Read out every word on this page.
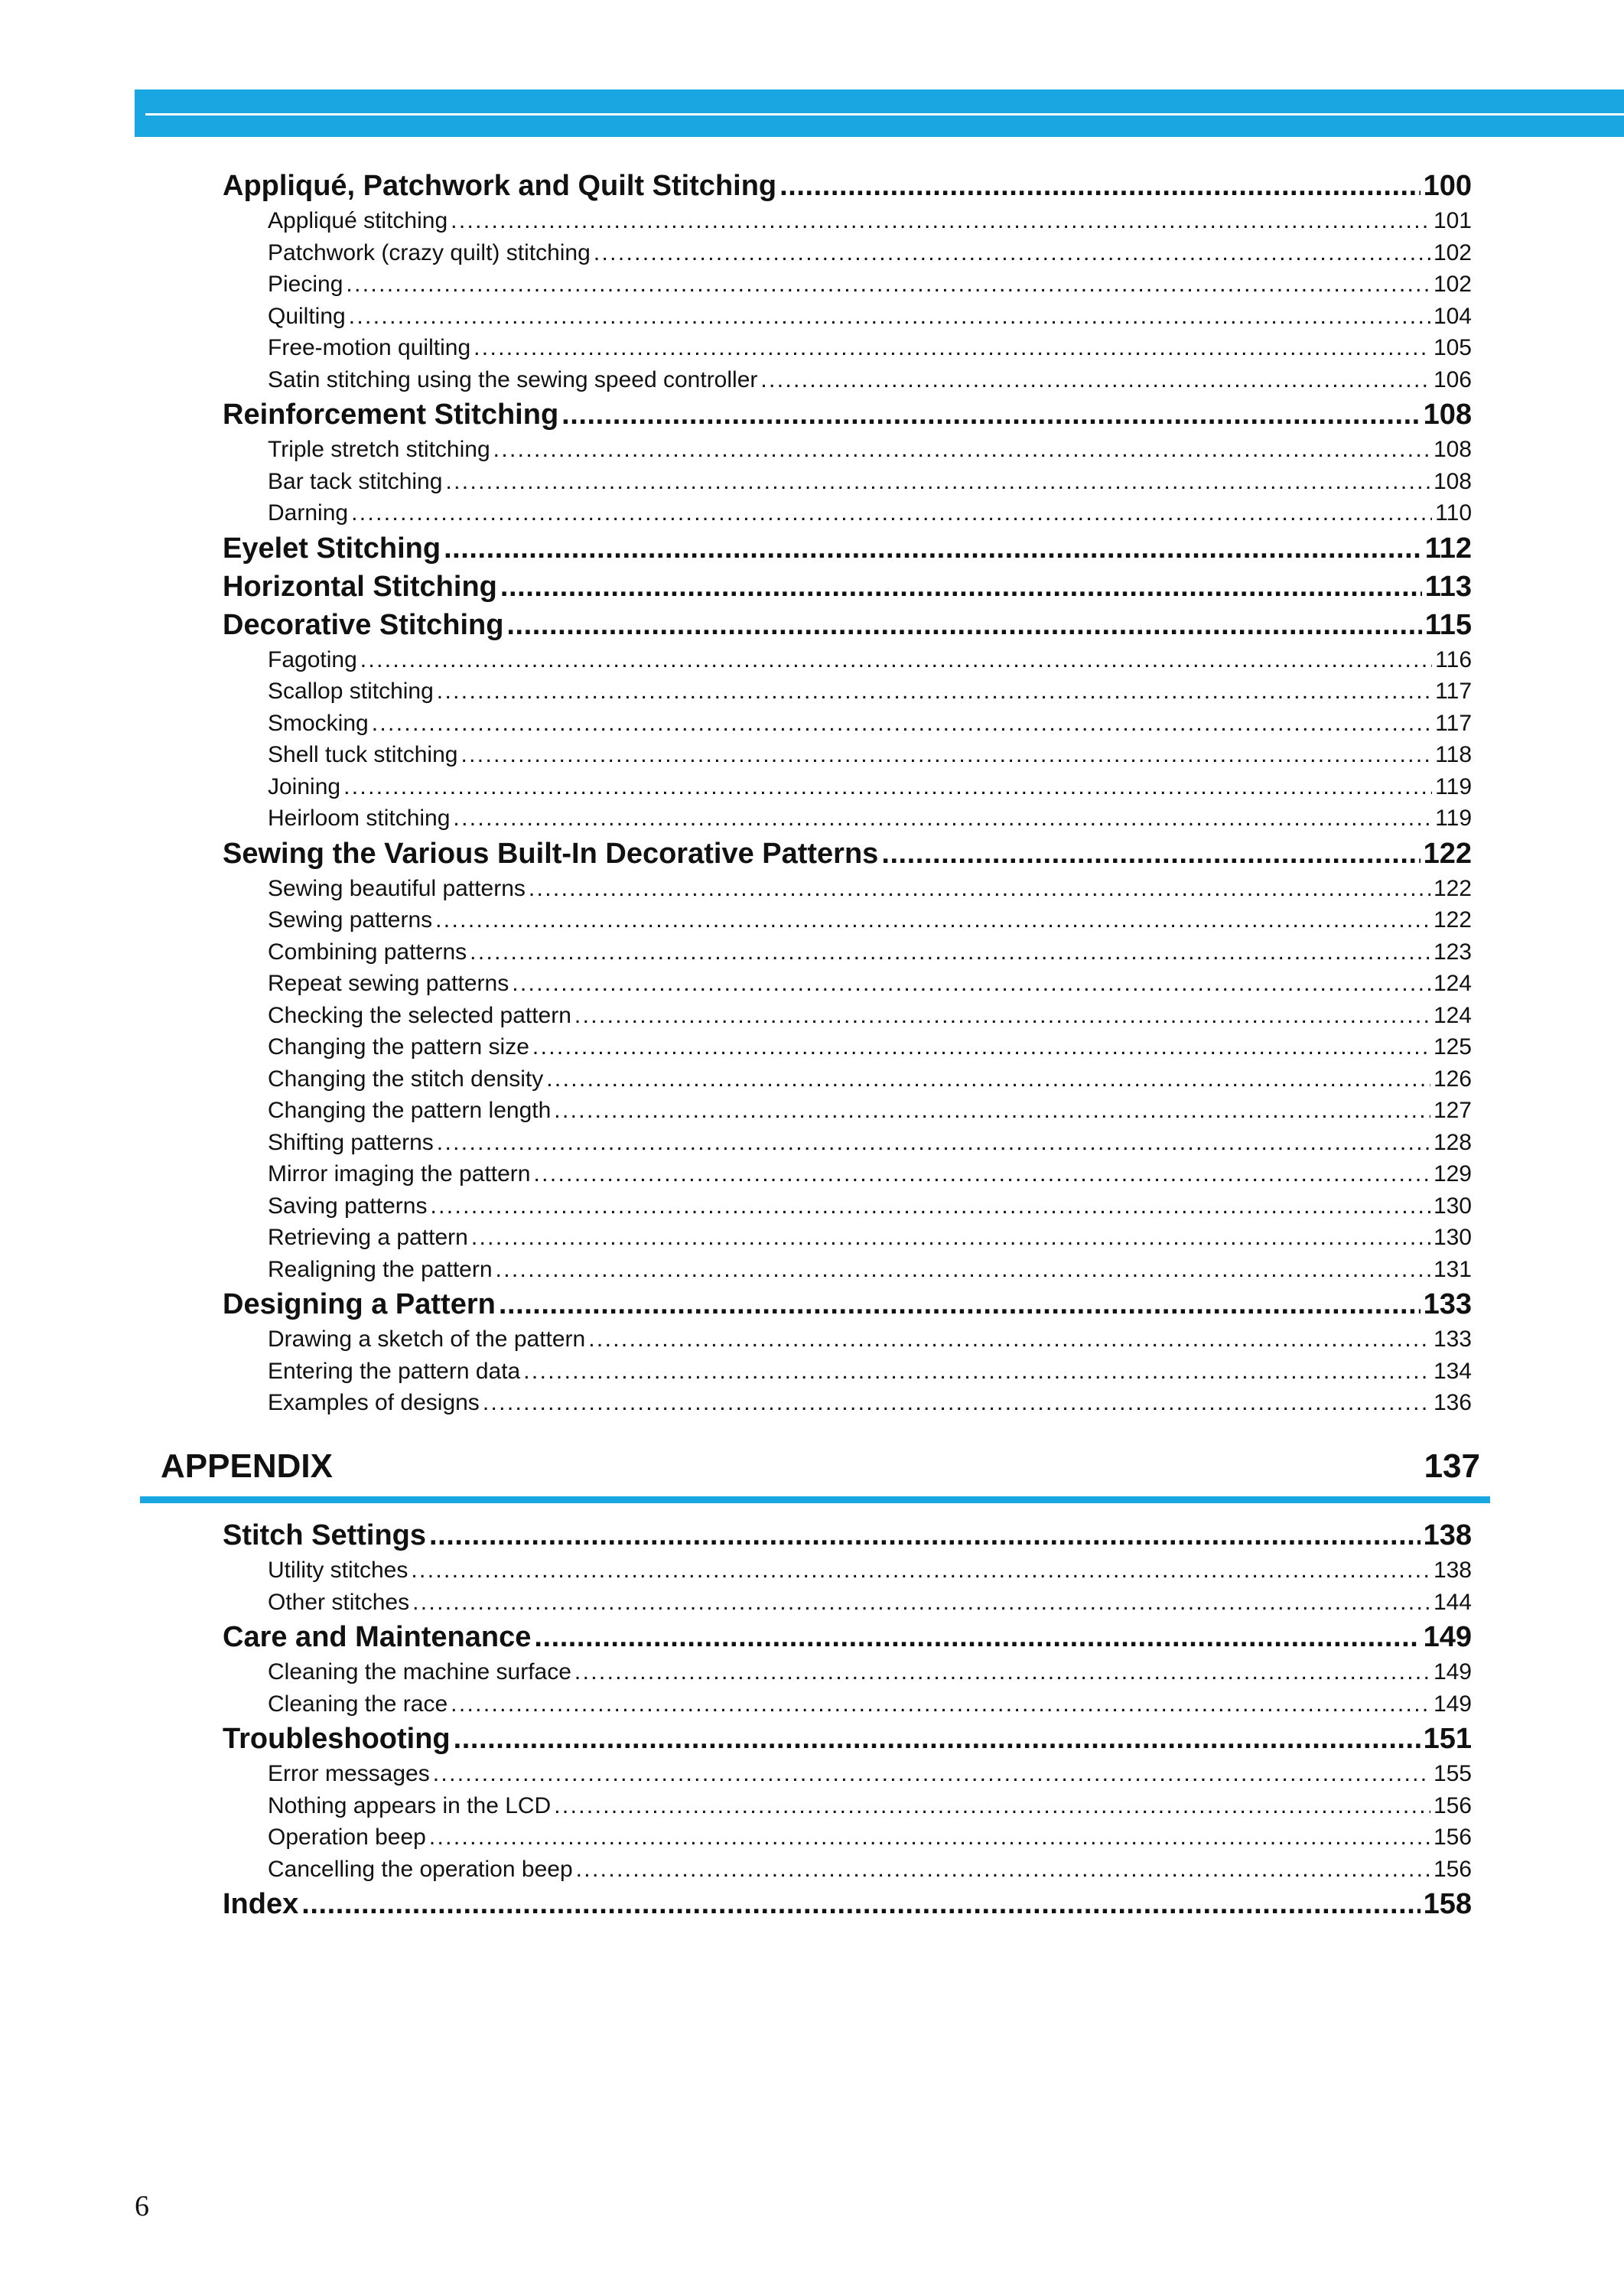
Appliqué, Patchwork and Quilt Stitching . . .	100
Appliqué stitching . . .	101
Patchwork (crazy quilt) stitching . . .	102
Piecing . . .	102
Quilting . . .	104
Free-motion quilting . . .	105
Satin stitching using the sewing speed controller . . .	106
Reinforcement Stitching . . .	108
Triple stretch stitching . . .	108
Bar tack stitching . . .	108
Darning . . .	110
Eyelet Stitching . . .	112
Horizontal Stitching . . .	113
Decorative Stitching . . .	115
Fagoting . . .	116
Scallop stitching . . .	117
Smocking . . .	117
Shell tuck stitching . . .	118
Joining . . .	119
Heirloom stitching . . .	119
Sewing the Various Built-In Decorative Patterns . . .	122
Sewing beautiful patterns . . .	122
Sewing patterns . . .	122
Combining patterns . . .	123
Repeat sewing patterns . . .	124
Checking the selected pattern . . .	124
Changing the pattern size . . .	125
Changing the stitch density . . .	126
Changing the pattern length . . .	127
Shifting patterns . . .	128
Mirror imaging the pattern . . .	129
Saving patterns . . .	130
Retrieving a pattern . . .	130
Realigning the pattern . . .	131
Designing a Pattern . . .	133
Drawing a sketch of the pattern . . .	133
Entering the pattern data . . .	134
Examples of designs . . .	136
APPENDIX	137
Stitch Settings . . .	138
Utility stitches . . .	138
Other stitches . . .	144
Care and Maintenance . . .	149
Cleaning the machine surface . . .	149
Cleaning the race . . .	149
Troubleshooting . . .	151
Error messages . . .	155
Nothing appears in the LCD . . .	156
Operation beep . . .	156
Cancelling the operation beep . . .	156
Index . . .	158
6
